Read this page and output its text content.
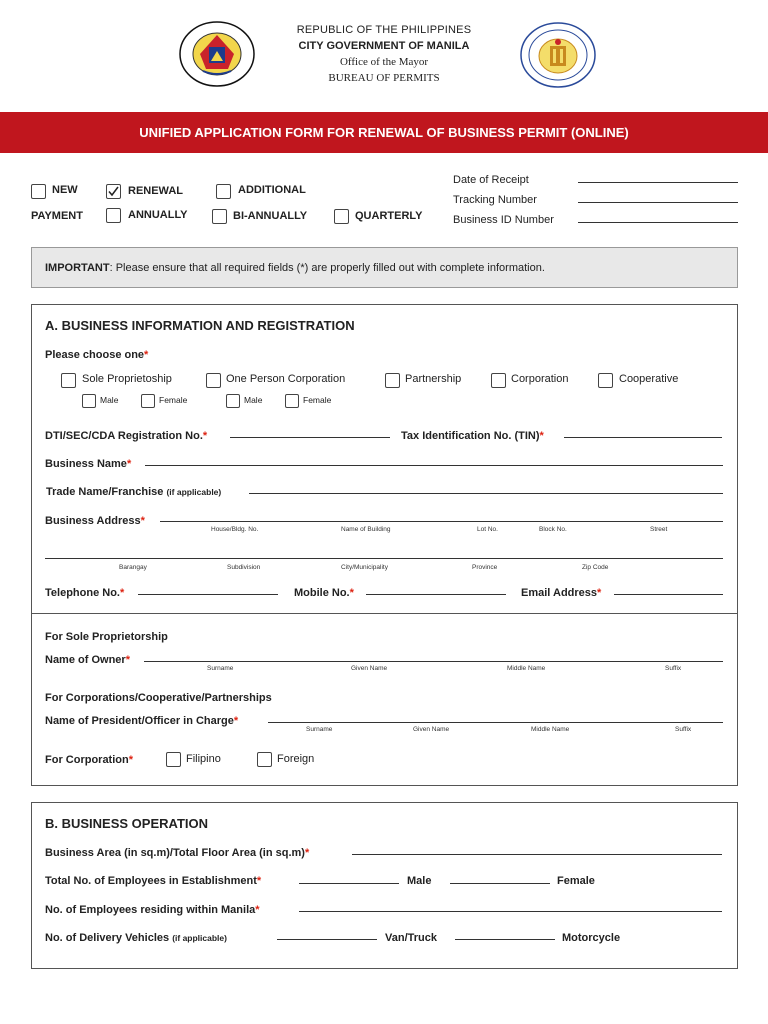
REPUBLIC OF THE PHILIPPINES
CITY GOVERNMENT OF MANILA
Office of the Mayor
BUREAU OF PERMITS
UNIFIED APPLICATION FORM FOR RENEWAL OF BUSINESS PERMIT (ONLINE)
NEW	RENEWAL	ADDITIONAL
PAYMENT	ANNUALLY	BI-ANNUALLY	QUARTERLY
Date of Receipt
Tracking Number
Business ID Number
IMPORTANT: Please ensure that all required fields (*) are properly filled out with complete information.
A. BUSINESS INFORMATION AND REGISTRATION
Please choose one*
Sole Proprietoship	One Person Corporation	Partnership	Corporation	Cooperative
Male	Female	Male	Female
DTI/SEC/CDA Registration No.*	Tax Identification No. (TIN)*
Business Name*
Trade Name/Franchise (if applicable)
Business Address*
House/Bldg. No.	Name of Building	Lot No.	Block No.	Street
Barangay	Subdivision	City/Municipality	Province	Zip Code
Telephone No.*	Mobile No.*	Email Address*
For Sole Proprietorship
Name of Owner*
Surname	Given Name	Middle Name	Suffix
For Corporations/Cooperative/Partnerships
Name of President/Officer in Charge*
Surname	Given Name	Middle Name	Suffix
For Corporation*	Filipino	Foreign
B. BUSINESS OPERATION
Business Area (in sq.m)/Total Floor Area (in sq.m)*
Total No. of Employees in Establishment*	Male	Female
No. of Employees residing within Manila*
No. of Delivery Vehicles (if applicable)	Van/Truck	Motorcycle
